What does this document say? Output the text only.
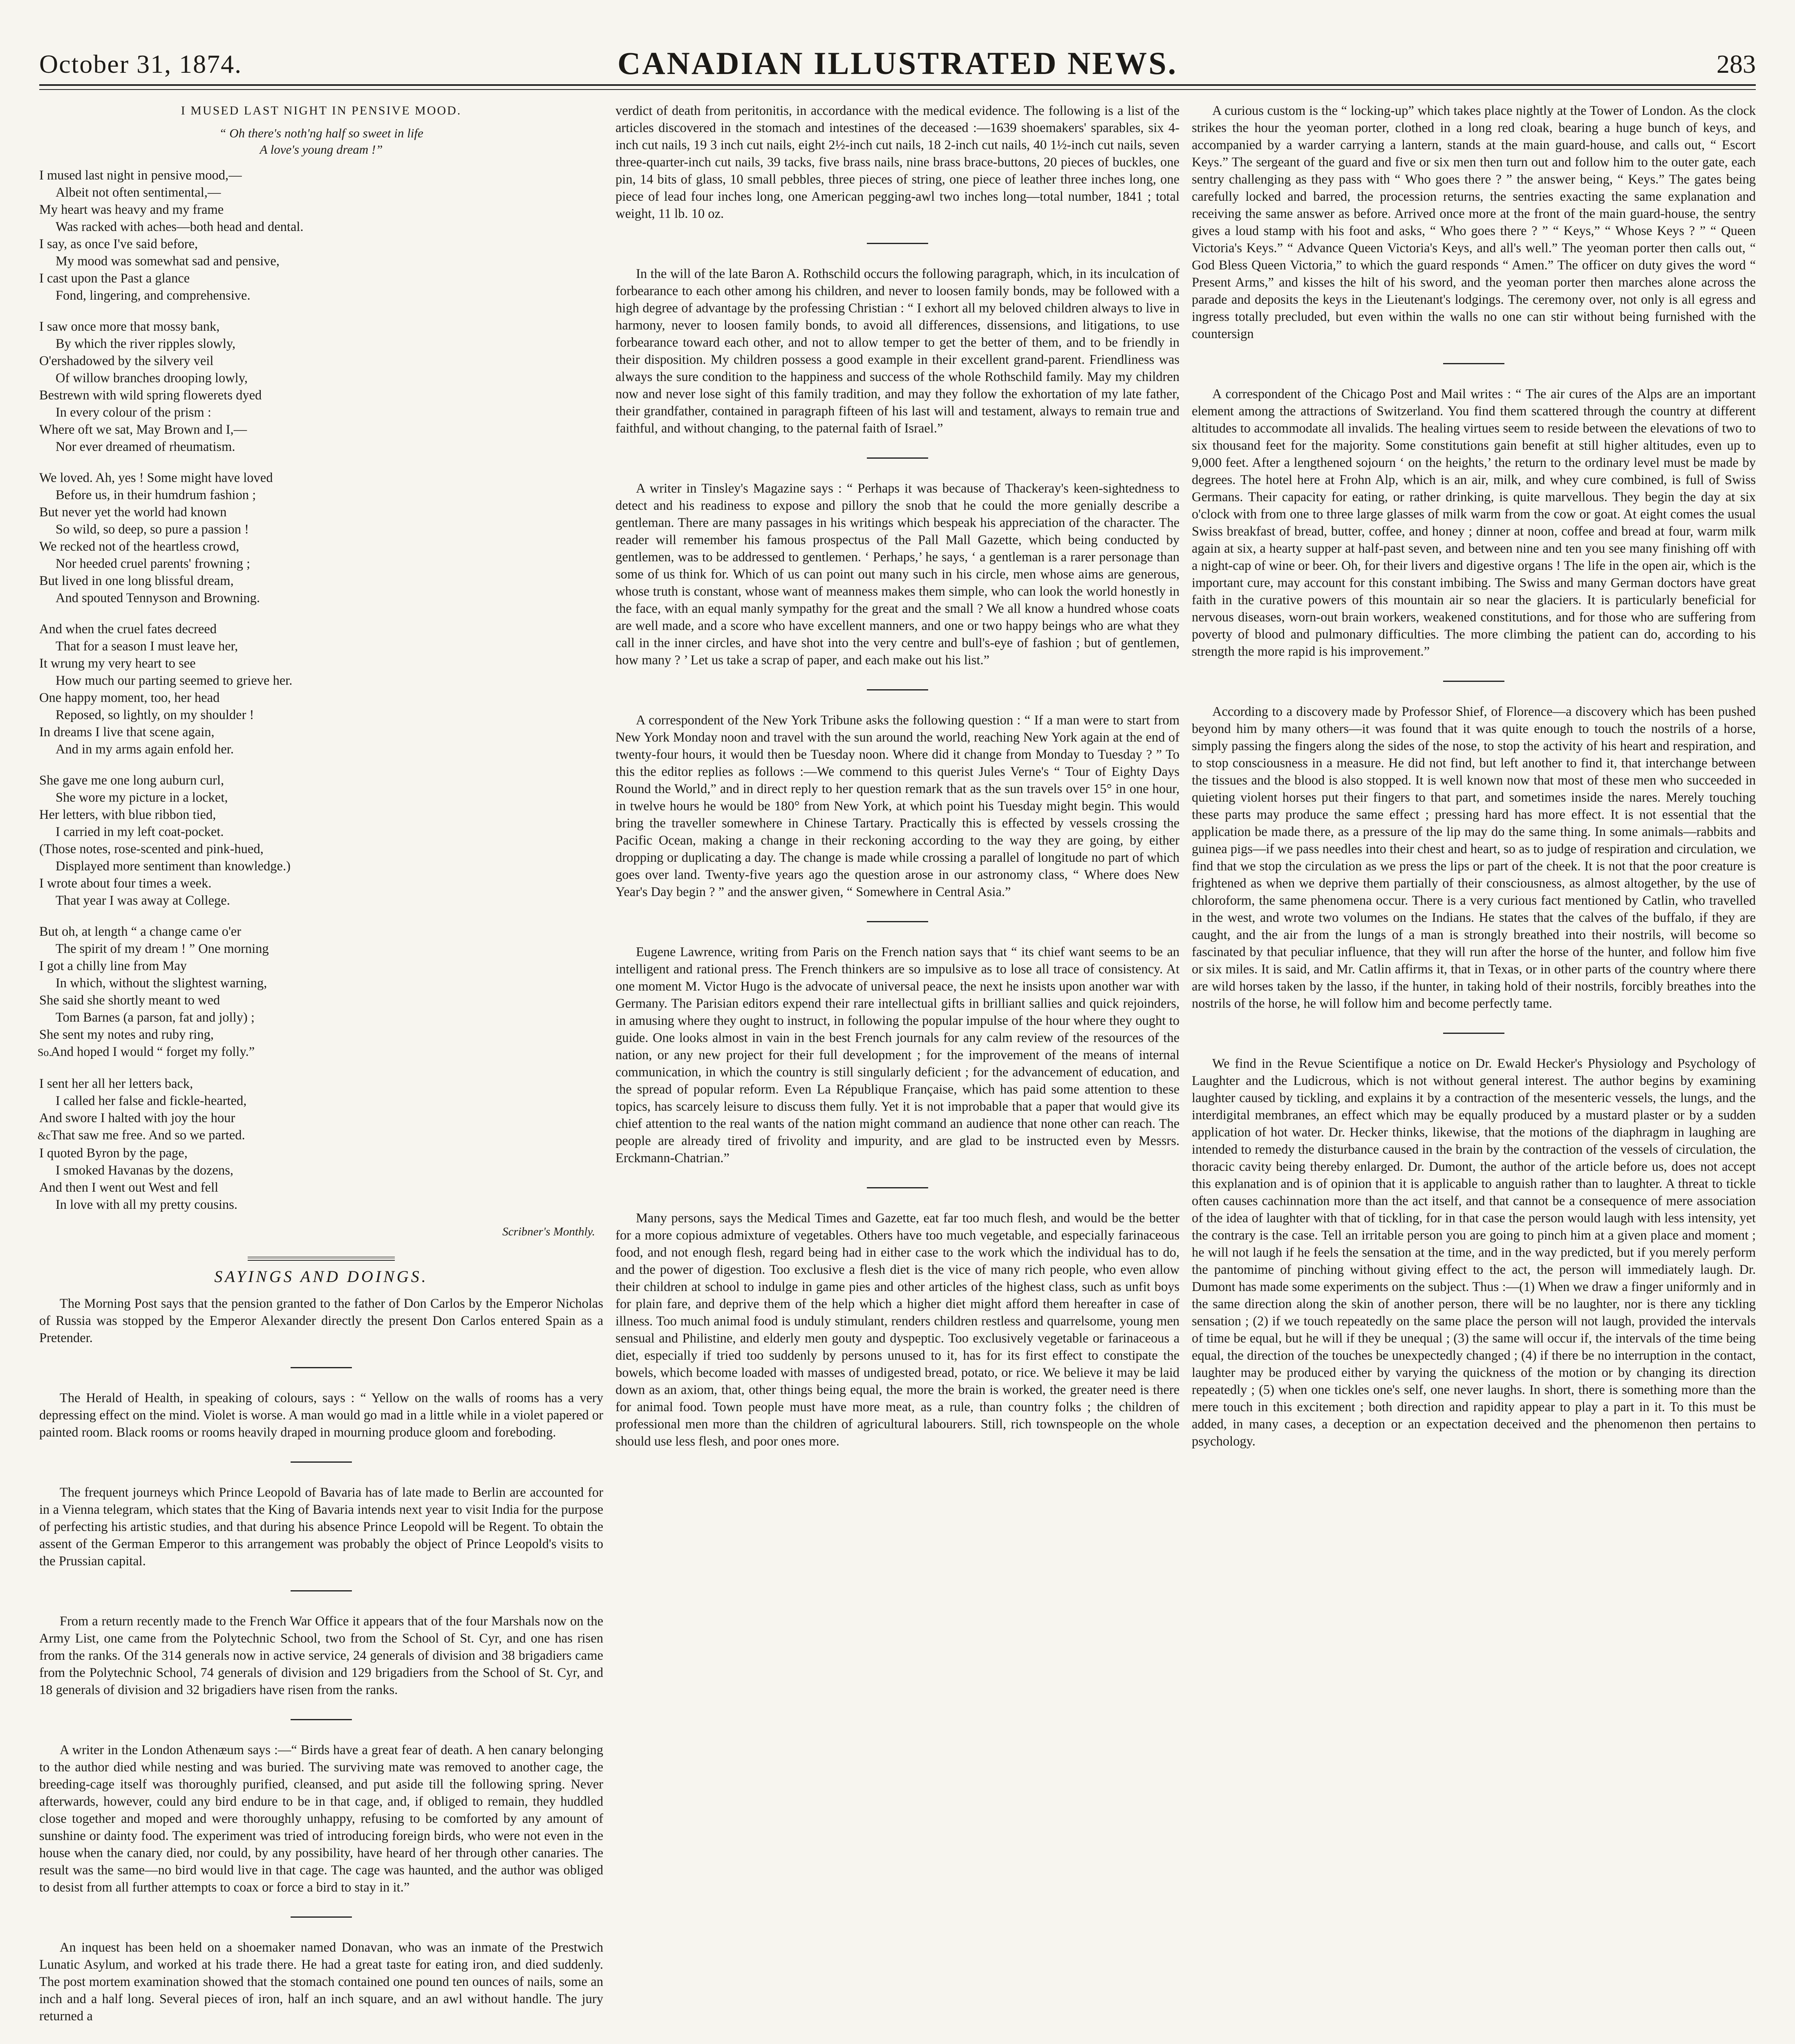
October 31, 1874.	CANADIAN ILLUSTRATED NEWS.	283
I MUSED LAST NIGHT IN PENSIVE MOOD.
“ Oh there's noth'ng half so sweet in life
A love's young dream !”
I mused last night in pensive mood,—
Albeit not often sentimental,—
My heart was heavy and my frame
Was racked with aches—both head and dental.
I say, as once I've said before,
My mood was somewhat sad and pensive,
I cast upon the Past a glance
Fond, lingering, and comprehensive.
I saw once more that mossy bank,
By which the river ripples slowly,
O'ershadowed by the silvery veil
Of willow branches drooping lowly,
Bestrewn with wild spring flowerets dyed
In every colour of the prism :
Where oft we sat, May Brown and I,—
Nor ever dreamed of rheumatism.
We loved. Ah, yes ! Some might have loved
Before us, in their humdrum fashion ;
But never yet the world had known
So wild, so deep, so pure a passion !
We recked not of the heartless crowd,
Nor heeded cruel parents' frowning ;
But lived in one long blissful dream,
And spouted Tennyson and Browning.
And when the cruel fates decreed
That for a season I must leave her,
It wrung my very heart to see
How much our parting seemed to grieve her.
One happy moment, too, her head
Reposed, so lightly, on my shoulder !
In dreams I live that scene again,
And in my arms again enfold her.
She gave me one long auburn curl,
She wore my picture in a locket,
Her letters, with blue ribbon tied,
I carried in my left coat-pocket.
(Those notes, rose-scented and pink-hued,
Displayed more sentiment than knowledge.)
I wrote about four times a week.
That year I was away at College.
But oh, at length “ a change came o'er
The spirit of my dream ! ” One morning
I got a chilly line from May
In which, without the slightest warning,
She said she shortly meant to wed
Tom Barnes (a parson, fat and jolly) ;
She sent my notes and ruby ring,
So.And hoped I would “ forget my folly.”
I sent her all her letters back,
I called her false and fickle-hearted,
And swore I halted with joy the hour
&cThat saw me free. And so we parted.
I quoted Byron by the page,
I smoked Havanas by the dozens,
And then I went out West and fell
In love with all my pretty cousins.
Scribner's Monthly.
SAYINGS AND DOINGS.

The Morning Post says that the pension granted to the father of Don Carlos by the Emperor Nicholas of Russia was stopped by the Emperor Alexander directly the present Don Carlos entered Spain as a Pretender.

The Herald of Health, in speaking of colours, says : “ Yellow on the walls of rooms has a very depressing effect on the mind. Violet is worse. A man would go mad in a little while in a violet papered or painted room. Black rooms or rooms heavily draped in mourning produce gloom and foreboding.

The frequent journeys which Prince Leopold of Bavaria has of late made to Berlin are accounted for in a Vienna telegram, which states that the King of Bavaria intends next year to visit India for the purpose of perfecting his artistic studies, and that during his absence Prince Leopold will be Regent. To obtain the assent of the German Emperor to this arrangement was probably the object of Prince Leopold's visits to the Prussian capital.

From a return recently made to the French War Office it appears that of the four Marshals now on the Army List, one came from the Polytechnic School, two from the School of St. Cyr, and one has risen from the ranks. Of the 314 generals now in active service, 24 generals of division and 38 brigadiers came from the Polytechnic School, 74 generals of division and 129 brigadiers from the School of St. Cyr, and 18 generals of division and 32 brigadiers have risen from the ranks.

A writer in the London Athenæum says :—“ Birds have a great fear of death. A hen canary belonging to the author died while nesting and was buried. The surviving mate was removed to another cage, the breeding-cage itself was thoroughly purified, cleansed, and put aside till the following spring. Never afterwards, however, could any bird endure to be in that cage, and, if obliged to remain, they huddled close together and moped and were thoroughly unhappy, refusing to be comforted by any amount of sunshine or dainty food. The experiment was tried of introducing foreign birds, who were not even in the house when the canary died, nor could, by any possibility, have heard of her through other canaries. The result was the same—no bird would live in that cage. The cage was haunted, and the author was obliged to desist from all further attempts to coax or force a bird to stay in it.”

An inquest has been held on a shoemaker named Donavan, who was an inmate of the Prestwich Lunatic Asylum, and worked at his trade there. He had a great taste for eating iron, and died suddenly. The post mortem examination showed that the stomach contained one pound ten ounces of nails, some an inch and a half long. Several pieces of iron, half an inch square, and an awl without handle. The jury returned a

verdict of death from peritonitis, in accordance with the medical evidence. The following is a list of the articles discovered in the stomach and intestines of the deceased :—1639 shoemakers' sparables, six 4-inch cut nails, 19 3 inch cut nails, eight 2½-inch cut nails, 18 2-inch cut nails, 40 1½-inch cut nails, seven three-quarter-inch cut nails, 39 tacks, five brass nails, nine brass brace-buttons, 20 pieces of buckles, one pin, 14 bits of glass, 10 small pebbles, three pieces of string, one piece of leather three inches long, one piece of lead four inches long, one American pegging-awl two inches long—total number, 1841 ; total weight, 11 lb. 10 oz.

In the will of the late Baron A. Rothschild occurs the following paragraph, which, in its inculcation of forbearance to each other among his children, and never to loosen family bonds, may be followed with a high degree of advantage by the professing Christian : “ I exhort all my beloved children always to live in harmony, never to loosen family bonds, to avoid all differences, dissensions, and litigations, to use forbearance toward each other, and not to allow temper to get the better of them, and to be friendly in their disposition. My children possess a good example in their excellent grand-parent. Friendliness was always the sure condition to the happiness and success of the whole Rothschild family. May my children now and never lose sight of this family tradition, and may they follow the exhortation of my late father, their grandfather, contained in paragraph fifteen of his last will and testament, always to remain true and faithful, and without changing, to the paternal faith of Israel.”

A writer in Tinsley's Magazine says : “ Perhaps it was because of Thackeray's keen-sightedness to detect and his readiness to expose and pillory the snob that he could the more genially describe a gentleman. There are many passages in his writings which bespeak his appreciation of the character. The reader will remember his famous prospectus of the Pall Mall Gazette, which being conducted by gentlemen, was to be addressed to gentlemen. ‘ Perhaps,’ he says, ‘ a gentleman is a rarer personage than some of us think for. Which of us can point out many such in his circle, men whose aims are generous, whose truth is constant, whose want of meanness makes them simple, who can look the world honestly in the face, with an equal manly sympathy for the great and the small ? We all know a hundred whose coats are well made, and a score who have excellent manners, and one or two happy beings who are what they call in the inner circles, and have shot into the very centre and bull's-eye of fashion ; but of gentlemen, how many ? ’ Let us take a scrap of paper, and each make out his list.”

A correspondent of the New York Tribune asks the following question : “ If a man were to start from New York Monday noon and travel with the sun around the world, reaching New York again at the end of twenty-four hours, it would then be Tuesday noon. Where did it change from Monday to Tuesday ? ” To this the editor replies as follows :—We commend to this querist Jules Verne's “ Tour of Eighty Days Round the World,” and in direct reply to her question remark that as the sun travels over 15° in one hour, in twelve hours he would be 180° from New York, at which point his Tuesday might begin. This would bring the traveller somewhere in Chinese Tartary. Practically this is effected by vessels crossing the Pacific Ocean, making a change in their reckoning according to the way they are going, by either dropping or duplicating a day. The change is made while crossing a parallel of longitude no part of which goes over land. Twenty-five years ago the question arose in our astronomy class, “ Where does New Year's Day begin ? ” and the answer given, “ Somewhere in Central Asia.”

Eugene Lawrence, writing from Paris on the French nation says that “ its chief want seems to be an intelligent and rational press. The French thinkers are so impulsive as to lose all trace of consistency. At one moment M. Victor Hugo is the advocate of universal peace, the next he insists upon another war with Germany. The Parisian editors expend their rare intellectual gifts in brilliant sallies and quick rejoinders, in amusing where they ought to instruct, in following the popular impulse of the hour where they ought to guide. One looks almost in vain in the best French journals for any calm review of the resources of the nation, or any new project for their full development ; for the improvement of the means of internal communication, in which the country is still singularly deficient ; for the advancement of education, and the spread of popular reform. Even La République Française, which has paid some attention to these topics, has scarcely leisure to discuss them fully. Yet it is not improbable that a paper that would give its chief attention to the real wants of the nation might command an audience that none other can reach. The people are already tired of frivolity and impurity, and are glad to be instructed even by Messrs. Erckmann-Chatrian.”

Many persons, says the Medical Times and Gazette, eat far too much flesh, and would be the better for a more copious admixture of vegetables. Others have too much vegetable, and especially farinaceous food, and not enough flesh, regard being had in either case to the work which the individual has to do, and the power of digestion. Too exclusive a flesh diet is the vice of many rich people, who even allow their children at school to indulge in game pies and other articles of the highest class, such as unfit boys for plain fare, and deprive them of the help which a higher diet might afford them hereafter in case of illness. Too much animal food is unduly stimulant, renders children restless and quarrelsome, young men sensual and Philistine, and elderly men gouty and dyspeptic. Too exclusively vegetable or farinaceous a diet, especially if tried too suddenly by persons unused to it, has for its first effect to constipate the bowels, which become loaded with masses of undigested bread, potato, or rice. We believe it may be laid down as an axiom, that, other things being equal, the more the brain is worked, the greater need is there for animal food. Town people must have more meat, as a rule, than country folks ; the children of professional men more than the children of agricultural labourers. Still, rich townspeople on the whole should use less flesh, and poor ones more.

A curious custom is the “ locking-up” which takes place nightly at the Tower of London. As the clock strikes the hour the yeoman porter, clothed in a long red cloak, bearing a huge bunch of keys, and accompanied by a warder carrying a lantern, stands at the main guard-house, and calls out, “ Escort Keys.” The sergeant of the guard and five or six men then turn out and follow him to the outer gate, each sentry challenging as they pass with “ Who goes there ? ” the answer being, “ Keys.” The gates being carefully locked and barred, the procession returns, the sentries exacting the same explanation and receiving the same answer as before. Arrived once more at the front of the main guard-house, the sentry gives a loud stamp with his foot and asks, “ Who goes there ? ” “ Keys,” “ Whose Keys ? ” “ Queen Victoria's Keys.” “ Advance Queen Victoria's Keys, and all's well.” The yeoman porter then calls out, “ God Bless Queen Victoria,” to which the guard responds “ Amen.” The officer on duty gives the word “ Present Arms,” and kisses the hilt of his sword, and the yeoman porter then marches alone across the parade and deposits the keys in the Lieutenant's lodgings. The ceremony over, not only is all egress and ingress totally precluded, but even within the walls no one can stir without being furnished with the countersign

A correspondent of the Chicago Post and Mail writes : “ The air cures of the Alps are an important element among the attractions of Switzerland. You find them scattered through the country at different altitudes to accommodate all invalids. The healing virtues seem to reside between the elevations of two to six thousand feet for the majority. Some constitutions gain benefit at still higher altitudes, even up to 9,000 feet. After a lengthened sojourn ‘ on the heights,’ the return to the ordinary level must be made by degrees. The hotel here at Frohn Alp, which is an air, milk, and whey cure combined, is full of Swiss Germans. Their capacity for eating, or rather drinking, is quite marvellous. They begin the day at six o'clock with from one to three large glasses of milk warm from the cow or goat. At eight comes the usual Swiss breakfast of bread, butter, coffee, and honey ; dinner at noon, coffee and bread at four, warm milk again at six, a hearty supper at half-past seven, and between nine and ten you see many finishing off with a night-cap of wine or beer. Oh, for their livers and digestive organs ! The life in the open air, which is the important cure, may account for this constant imbibing. The Swiss and many German doctors have great faith in the curative powers of this mountain air so near the glaciers. It is particularly beneficial for nervous diseases, worn-out brain workers, weakened constitutions, and for those who are suffering from poverty of blood and pulmonary difficulties. The more climbing the patient can do, according to his strength the more rapid is his improvement.”

According to a discovery made by Professor Shief, of Florence—a discovery which has been pushed beyond him by many others—it was found that it was quite enough to touch the nostrils of a horse, simply passing the fingers along the sides of the nose, to stop the activity of his heart and respiration, and to stop consciousness in a measure. He did not find, but left another to find it, that interchange between the tissues and the blood is also stopped. It is well known now that most of these men who succeeded in quieting violent horses put their fingers to that part, and sometimes inside the nares. Merely touching these parts may produce the same effect ; pressing hard has more effect. It is not essential that the application be made there, as a pressure of the lip may do the same thing. In some animals—rabbits and guinea pigs—if we pass needles into their chest and heart, so as to judge of respiration and circulation, we find that we stop the circulation as we press the lips or part of the cheek. It is not that the poor creature is frightened as when we deprive them partially of their consciousness, as almost altogether, by the use of chloroform, the same phenomena occur. There is a very curious fact mentioned by Catlin, who travelled in the west, and wrote two volumes on the Indians. He states that the calves of the buffalo, if they are caught, and the air from the lungs of a man is strongly breathed into their nostrils, will become so fascinated by that peculiar influence, that they will run after the horse of the hunter, and follow him five or six miles. It is said, and Mr. Catlin affirms it, that in Texas, or in other parts of the country where there are wild horses taken by the lasso, if the hunter, in taking hold of their nostrils, forcibly breathes into the nostrils of the horse, he will follow him and become perfectly tame.

We find in the Revue Scientifique a notice on Dr. Ewald Hecker's Physiology and Psychology of Laughter and the Ludicrous, which is not without general interest. The author begins by examining laughter caused by tickling, and explains it by a contraction of the mesenteric vessels, the lungs, and the interdigital membranes, an effect which may be equally produced by a mustard plaster or by a sudden application of hot water. Dr. Hecker thinks, likewise, that the motions of the diaphragm in laughing are intended to remedy the disturbance caused in the brain by the contraction of the vessels of circulation, the thoracic cavity being thereby enlarged. Dr. Dumont, the author of the article before us, does not accept this explanation and is of opinion that it is applicable to anguish rather than to laughter. A threat to tickle often causes cachinnation more than the act itself, and that cannot be a consequence of mere association of the idea of laughter with that of tickling, for in that case the person would laugh with less intensity, yet the contrary is the case. Tell an irritable person you are going to pinch him at a given place and moment ; he will not laugh if he feels the sensation at the time, and in the way predicted, but if you merely perform the pantomime of pinching without giving effect to the act, the person will immediately laugh. Dr. Dumont has made some experiments on the subject. Thus :—(1) When we draw a finger uniformly and in the same direction along the skin of another person, there will be no laughter, nor is there any tickling sensation ; (2) if we touch repeatedly on the same place the person will not laugh, provided the intervals of time be equal, but he will if they be unequal ; (3) the same will occur if, the intervals of the time being equal, the direction of the touches be unexpectedly changed ; (4) if there be no interruption in the contact, laughter may be produced either by varying the quickness of the motion or by changing its direction repeatedly ; (5) when one tickles one's self, one never laughs. In short, there is something more than the mere touch in this excitement ; both direction and rapidity appear to play a part in it. To this must be added, in many cases, a deception or an expectation deceived and the phenomenon then pertains to psychology.
